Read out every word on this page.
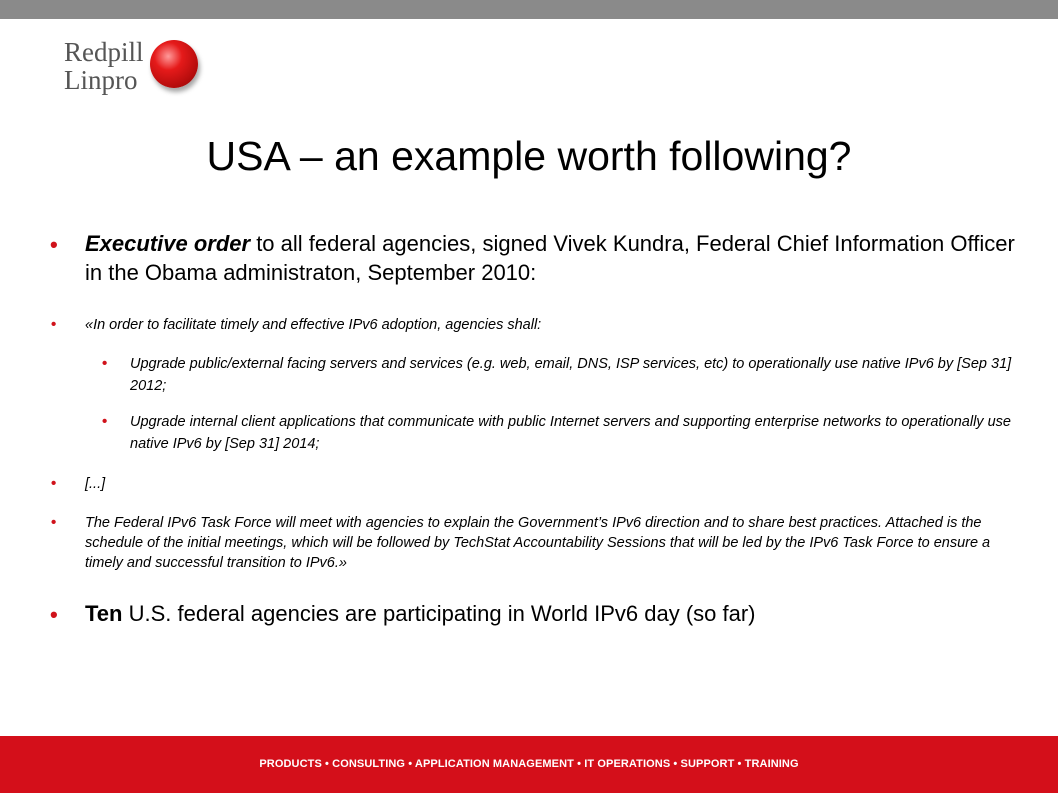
Redpill
Linpro
USA – an example worth following?
• Executive order to all federal agencies, signed Vivek Kundra, Federal Chief Information Officer in the Obama administraton, September 2010:
• «In order to facilitate timely and effective IPv6 adoption, agencies shall:
• Upgrade public/external facing servers and services (e.g. web, email, DNS, ISP services, etc) to operationally use native IPv6 by [Sep 31] 2012;
• Upgrade internal client applications that communicate with public Internet servers and supporting enterprise networks to operationally use native IPv6 by [Sep 31] 2014;
• [...]
• The Federal IPv6 Task Force will meet with agencies to explain the Government’s IPv6 direction and to share best practices. Attached is the schedule of the initial meetings, which will be followed by TechStat Accountability Sessions that will be led by the IPv6 Task Force to ensure a timely and successful transition to IPv6.»
• Ten U.S. federal agencies are participating in World IPv6 day (so far)
PRODUCTS • CONSULTING • APPLICATION MANAGEMENT • IT OPERATIONS • SUPPORT • TRAINING
